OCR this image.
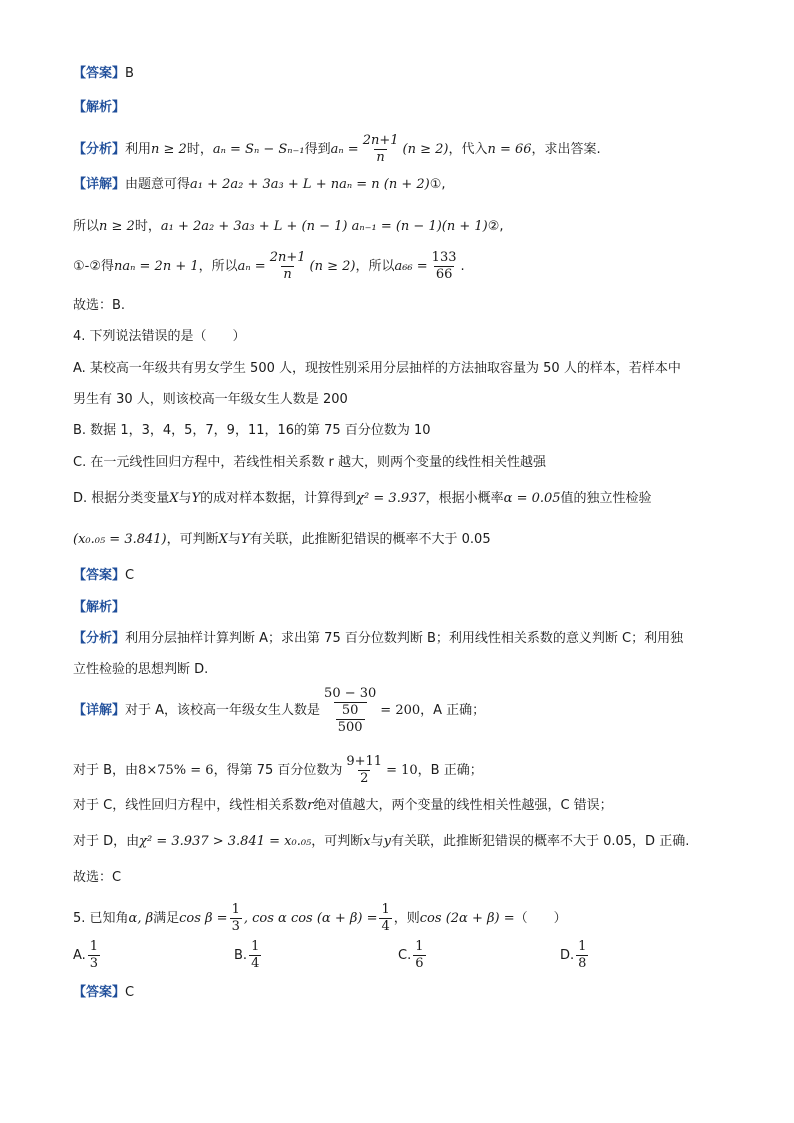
【答案】B
【解析】
【分析】利用n ≥ 2时，aₙ = Sₙ − Sₙ₋₁得到$a_n = \frac{2n+1}{n} (n \ge 2)$，代入n = 66，求出答案.
【详解】由题意可得a₁ + 2a₂ + 3a₃ + L + naₙ = n (n + 2)①,
所以n ≥ 2时，a₁ + 2a₂ + 3a₃ + L + (n − 1) aₙ₋₁ = (n − 1)(n + 1)②,
①-②得naₙ = 2n + 1，所以$a_n = \frac{2n+1}{n} (n \ge 2)$，所以$a_{66} = \frac{133}{66}$ .
故选：B.
4. 下列说法错误的是（　　）
A. 某校高一年级共有男女学生 500 人，现按性别采用分层抽样的方法抽取容量为 50 人的样本，若样本中
男生有 30 人，则该校高一年级女生人数是 200
B. 数据 1，3，4，5，7，9，11，16的第 75 百分位数为 10
C. 在一元线性回归方程中，若线性相关系数 r 越大，则两个变量的线性相关性越强
D. 根据分类变量X与Y的成对样本数据，计算得到χ² = 3.937，根据小概率α = 0.05值的独立性检验
(x₀.₀₅ = 3.841)，可判断X与Y有关联，此推断犯错误的概率不大于 0.05
【答案】C
【解析】
【分析】利用分层抽样计算判断 A；求出第 75 百分位数判断 B；利用线性相关系数的意义判断 C；利用独
立性检验的思想判断 D.
【详解】对于 A，该校高一年级女生人数是 $\frac{50 - 30}{\frac{50}{500}} = 200$，A 正确；
对于 B，由8×75% = 6，得第 75 百分位数为 $\frac{9+11}{2} = 10$，B 正确；
对于 C，线性回归方程中，线性相关系数r绝对值越大，两个变量的线性相关性越强，C 错误；
对于 D，由χ² = 3.937 > 3.841 = x₀.₀₅，可判断x与y有关联，此推断犯错误的概率不大于 0.05，D 正确.
故选：C
5. 已知角α, β满足$\cos \beta = \frac{1}{3}$ , cos α $\cos (\alpha + \beta) = \frac{1}{4}$ ，则cos (2α + β) =（　　）
A. $\frac{1}{3}$	B. $\frac{1}{4}$	C. $\frac{1}{6}$	D. $\frac{1}{8}$
【答案】C
